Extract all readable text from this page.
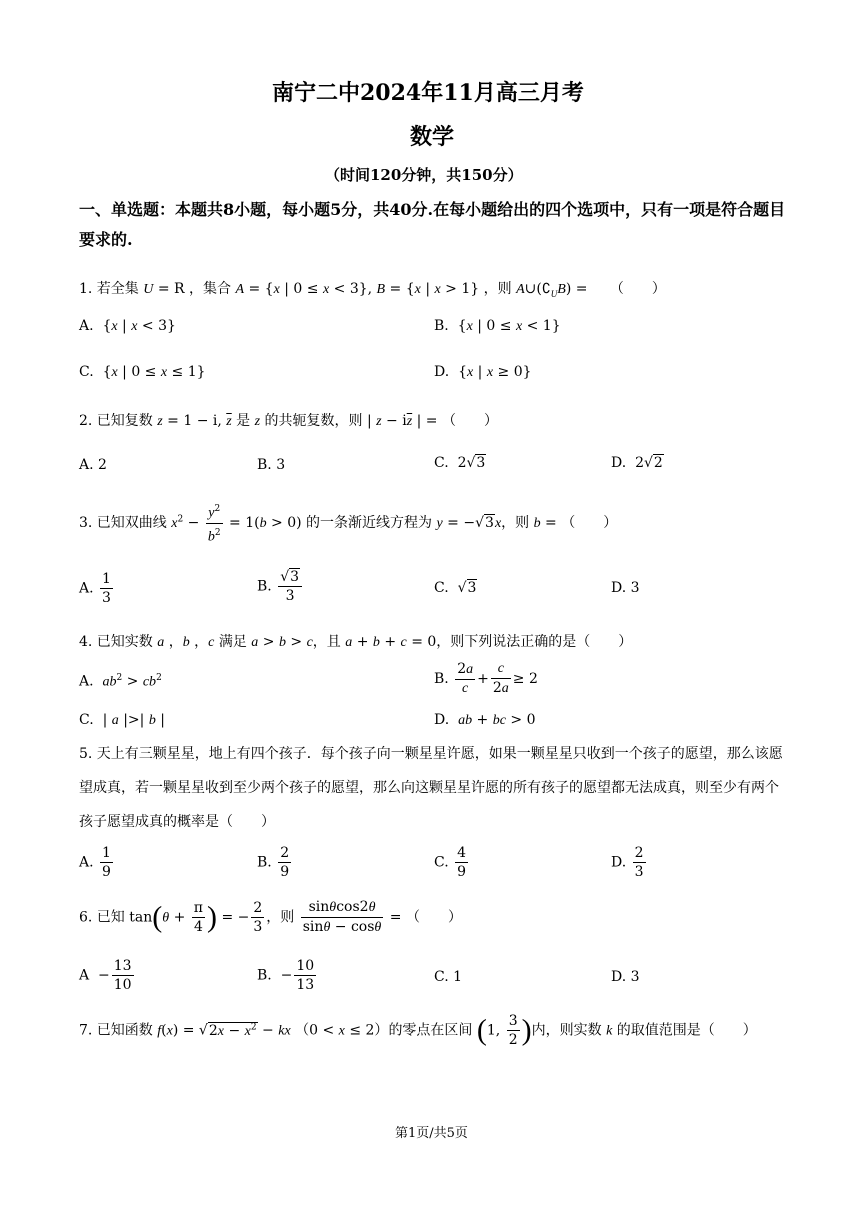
南宁二中2024年11月高三月考
数学
（时间120分钟，共150分）
一、单选题：本题共8小题，每小题5分，共40分.在每小题给出的四个选项中，只有一项是符合题目要求的.
1. 若全集 U = R ，集合 A = {x | 0 ≤ x < 3}, B = {x | x > 1} ，则 $A\cup(∁_UB)$ = （　　）
A.  {x | x < 3}	B.  {x | 0 ≤ x < 1}
C.  {x | 0 ≤ x ≤ 1}	D.  {x | x ≥ 0}
2. 已知复数 z = 1 − i, $\overline{z}$ 是 z 的共轭复数，则 | $z - i\overline{z}$ | = （　　）
A. 2	B. 3	C.  2√3	D.  2√2
3. 已知双曲线 $x^2 - \frac{y^2}{b^2} = 1(b > 0)$ 的一条渐近线方程为 y = −√3x，则 b = （　　）
A. $\frac{1}{3}$	B. $\frac{√3}{3}$	C.  √3	D. 3
4. 已知实数 a ，b ，c 满足 a > b > c，且 a + b + c = 0，则下列说法正确的是（　　）
A. $ab^2 > cb^2$	B. $\frac{2a}{c} + \frac{c}{2a} \ge 2$
C.  | a |>| b |	D. ab + bc > 0
5. 天上有三颗星星，地上有四个孩子．每个孩子向一颗星星许愿，如果一颗星星只收到一个孩子的愿望，那么该愿望成真，若一颗星星收到至少两个孩子的愿望，那么向这颗星星许愿的所有孩子的愿望都无法成真，则至少有两个孩子愿望成真的概率是（　　）
A. $\frac{1}{9}$	B. $\frac{2}{9}$	C. $\frac{4}{9}$	D. $\frac{2}{3}$
6. 已知 $\tan(\theta + \frac{\pi}{4}$ ) = − $\frac{2}{3}$ ，则 $\frac{\sin\theta\cos 2\theta}{\sin\theta - \cos\theta}$ = （　　）
$A - \frac{13}{10}$	B.  − $\frac{10}{13}$	C. 1	D. 3
7. 已知函数 $f(x) = √2x - x^2$ − kx （0 < x ≤ 2）的零点在区间 (1, $\frac{3}{2}$ )内，则实数 k 的取值范围是（　　）
第1页/共5页
